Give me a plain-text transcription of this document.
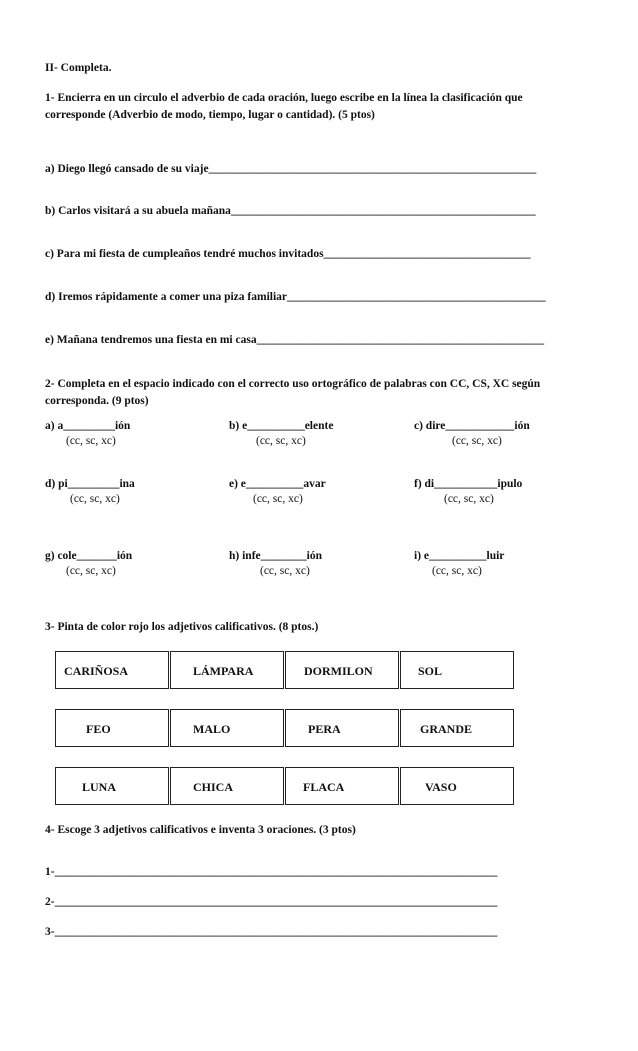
II- Completa.
1- Encierra en un circulo el adverbio de cada oración, luego escribe en la línea la clasificación que corresponde (Adverbio de modo, tiempo, lugar o cantidad). (5 ptos)
a) Diego llegó cansado de su viaje_________________________________________________________
b) Carlos visitará a su abuela mañana_____________________________________________________
c) Para mi fiesta de cumpleaños tendré muchos invitados____________________________________
d) Iremos rápidamente a comer una piza familiar_____________________________________________
e) Mañana tendremos una fiesta en mi casa__________________________________________________
2- Completa en el espacio indicado con el correcto uso ortográfico de palabras con CC, CS, XC según corresponda. (9 ptos)
a) a_________ión
(cc, sc, xc)
b) e__________elente
(cc, sc, xc)
c) dire____________ión
(cc, sc, xc)
d) pi_________ina
(cc, sc, xc)
e) e__________avar
(cc, sc, xc)
f) di___________ipulo
(cc, sc, xc)
g) cole_______ión
(cc, sc, xc)
h) infe________ión
(cc, sc, xc)
i) e__________luir
(cc, sc, xc)
3- Pinta de color rojo los adjetivos calificativos. (8 ptos.)
CARIÑOSA	LÁMPARA	DORMILON	SOL
FEO	MALO	PERA	GRANDE
LUNA	CHICA	FLACA	VASO
4- Escoge 3 adjetivos calificativos e inventa 3 oraciones. (3 ptos)
1-_____________________________________________________________________________
2-_____________________________________________________________________________
3-_____________________________________________________________________________
